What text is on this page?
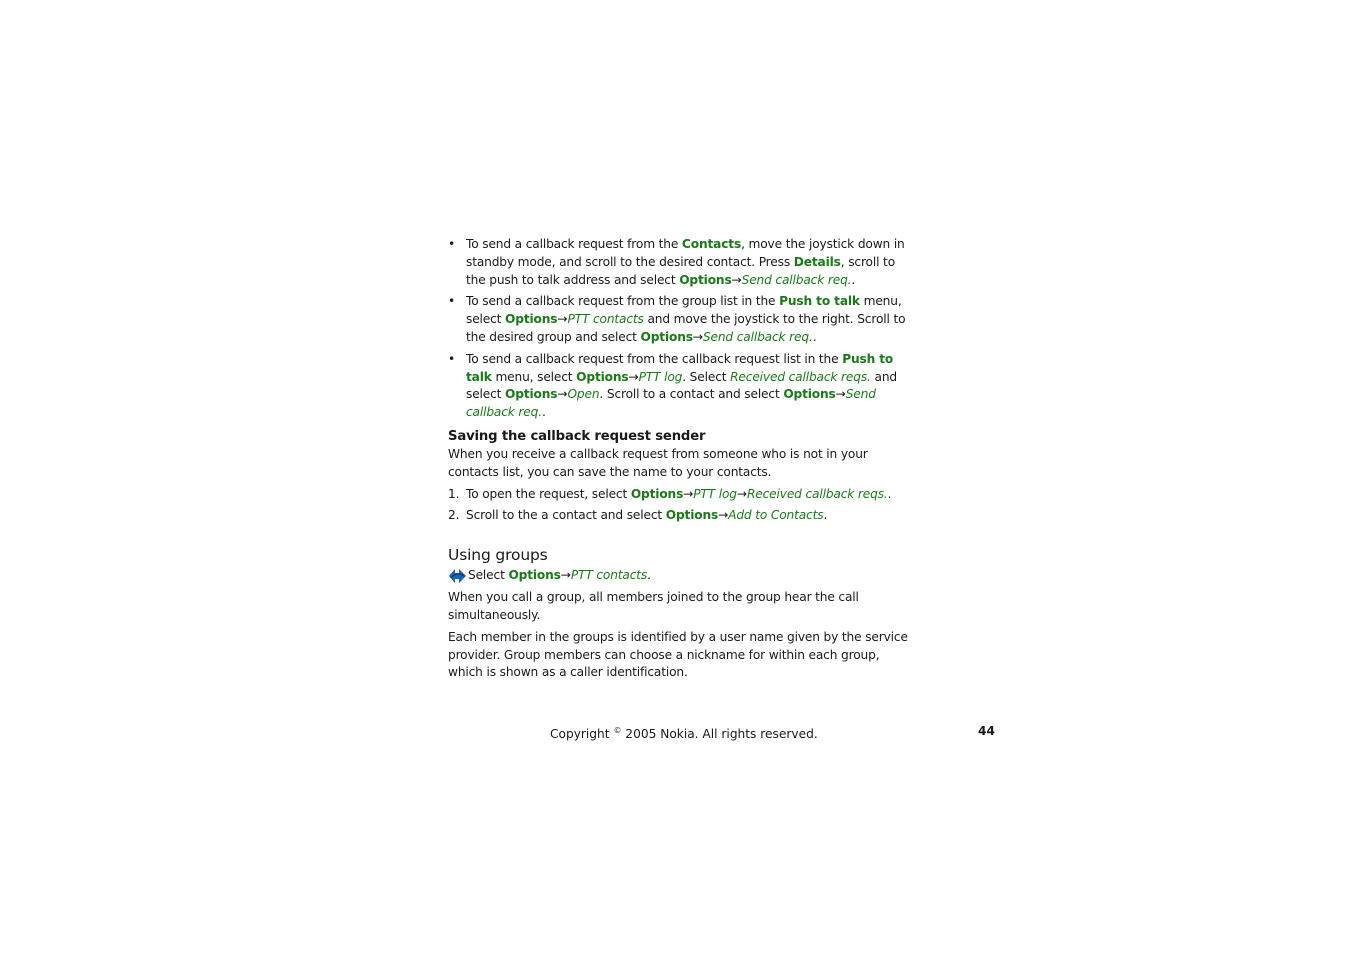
• To send a callback request from the Contacts, move the joystick down in standby mode, and scroll to the desired contact. Press Details, scroll to the push to talk address and select Options→Send callback req..
• To send a callback request from the group list in the Push to talk menu, select Options→PTT contacts and move the joystick to the right. Scroll to the desired group and select Options→Send callback req..
• To send a callback request from the callback request list in the Push to talk menu, select Options→PTT log. Select Received callback reqs. and select Options→Open. Scroll to a contact and select Options→Send callback req..
Saving the callback request sender

When you receive a callback request from someone who is not in your contacts list, you can save the name to your contacts.

1. To open the request, select Options→PTT log→Received callback reqs..
2. Scroll to the a contact and select Options→Add to Contacts.
Using groups
Select Options→PTT contacts.

When you call a group, all members joined to the group hear the call simultaneously.

Each member in the groups is identified by a user name given by the service provider. Group members can choose a nickname for within each group, which is shown as a caller identification.

Copyright © 2005 Nokia. All rights reserved.	44
